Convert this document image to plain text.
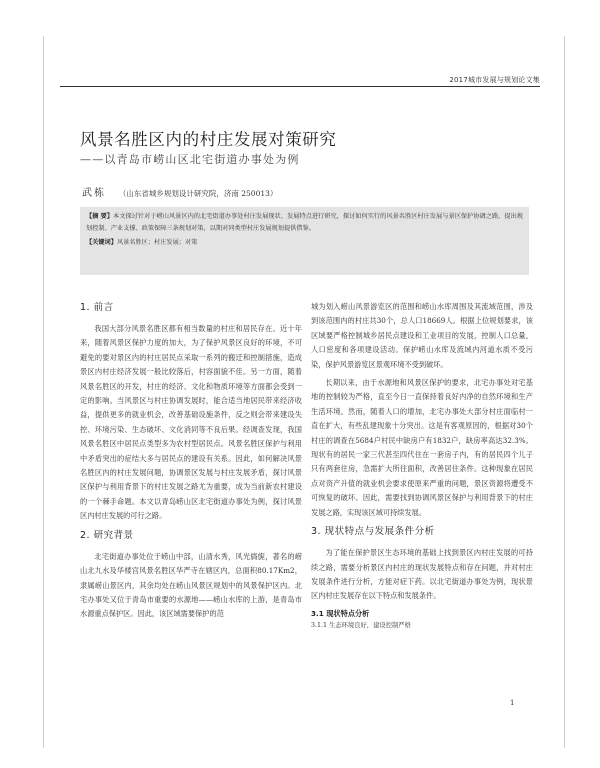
2017城市发展与规划论文集
风景名胜区内的村庄发展对策研究
——以青岛市崂山区北宅街道办事处为例
武栋 （山东省城乡规划设计研究院，济南 250013）

【摘 要】本文探讨针对于崂山风景区内的北宅街道办事处村庄发展现状、发展特点进行研究，探讨如何实行的风景名胜区村庄发展与景区保护协调之路，提出规划控制、产业支撑、政策保障三条规划对策，以期对同类型村庄发展规划提供借鉴。

【关键词】风景名胜区；村庄发展；对策

1. 前言

我国大部分风景名胜区都有相当数量的村庄和居民存在。近十年来，随着风景区保护力度的加大，为了保护风景区良好的环境，不可避免的要对景区内的村庄居民点采取一系列的搬迁和控制措施，造成景区内村庄经济发展一般比较落后，村容面貌不佳。另一方面，随着风景名胜区的开发，村庄的经济、文化和物质环境等方面都会受到一定的影响。当风景区与村庄协调发展时，能合适当地居民带来经济收益，提供更多的就业机会，改善基础设施条件，反之则会带来建设失控、环境污染、生态破坏、文化消同等不良后果。经调查发现，我国风景名胜区中居民点类型多为农村型居民点。风景名胜区保护与利用中矛盾突出的症结大多与居民点的建设有关系。因此，如何解决风景名胜区内的村庄发展问题，协调景区发展与村庄发展矛盾，探讨风景区保护与利用背景下的村庄发展之路尤为重要，成为当前新农村建设的一个棘手命题。本文以青岛崂山区北宅街道办事处为例，探讨风景区内村庄发展的可行之路。

2. 研究背景

北宅街道办事处位于崂山中部，山清水秀，风光旖旎，著名的崂山北九水及华楼宫风景名胜区华严寺在辖区内，总面积80.17Km2，隶属崂山景区内，其余均处在崂山风景区规划中的风景保护区内。北宅办事处又位于青岛市重要的水源地——崂山水库的上游，是青岛市水源重点保护区。因此，该区域需要保护的范

城为划入崂山风景游览区的范围和崂山水库周围及其流域范围，涉及到该范围内的村庄共30个，总人口18669人。根据上位规划要求，该区域要严格控制城乡居民点建设和工业项目的发展，控制人口总量，人口密度和各项建设活动。保护崂山水库及流域内河道水质不受污染，保护风景游览区景观环境不受到破坏。

长期以来，由于水源地和风景区保护的要求，北宅办事处对宅基地的控制较为严格，直至今日一直保持着良好内净的自然环境和生产生活环境。然而，随着人口的增加，北宅办事处大部分村庄面临村一直在扩大，有些乱建现象十分突出。这是有客观原因的，根据对30个村庄的调查在5684户村民中缺房户有1832户，缺房率高达32.3%。现状有的居民一家三代甚至四代住在一套房子内，有的居民四个儿子只有两套住房，急需扩大所住面积，改善居住条件。这种现象在居民点对资产升值的就业机会要求使原来严重的问题，景区资源将遭受不可恢复的破坏。因此，需要找到协调风景区保护与利用背景下的村庄发展之路，实现该区域可持续发展。

3. 现状特点与发展条件分析

为了能在保护景区生态环境的基础上找到景区内村庄发展的可持续之路，需要分析景区内村庄的现状发展特点和存在问题，并对村庄发展条件进行分析，方能对症下药。以北宅街道办事处为例，现状景区内村庄发展存在以下特点和发展条件。

3.1 现状特点分析

3.1.1 生态环境良好，建设控制严格

1
